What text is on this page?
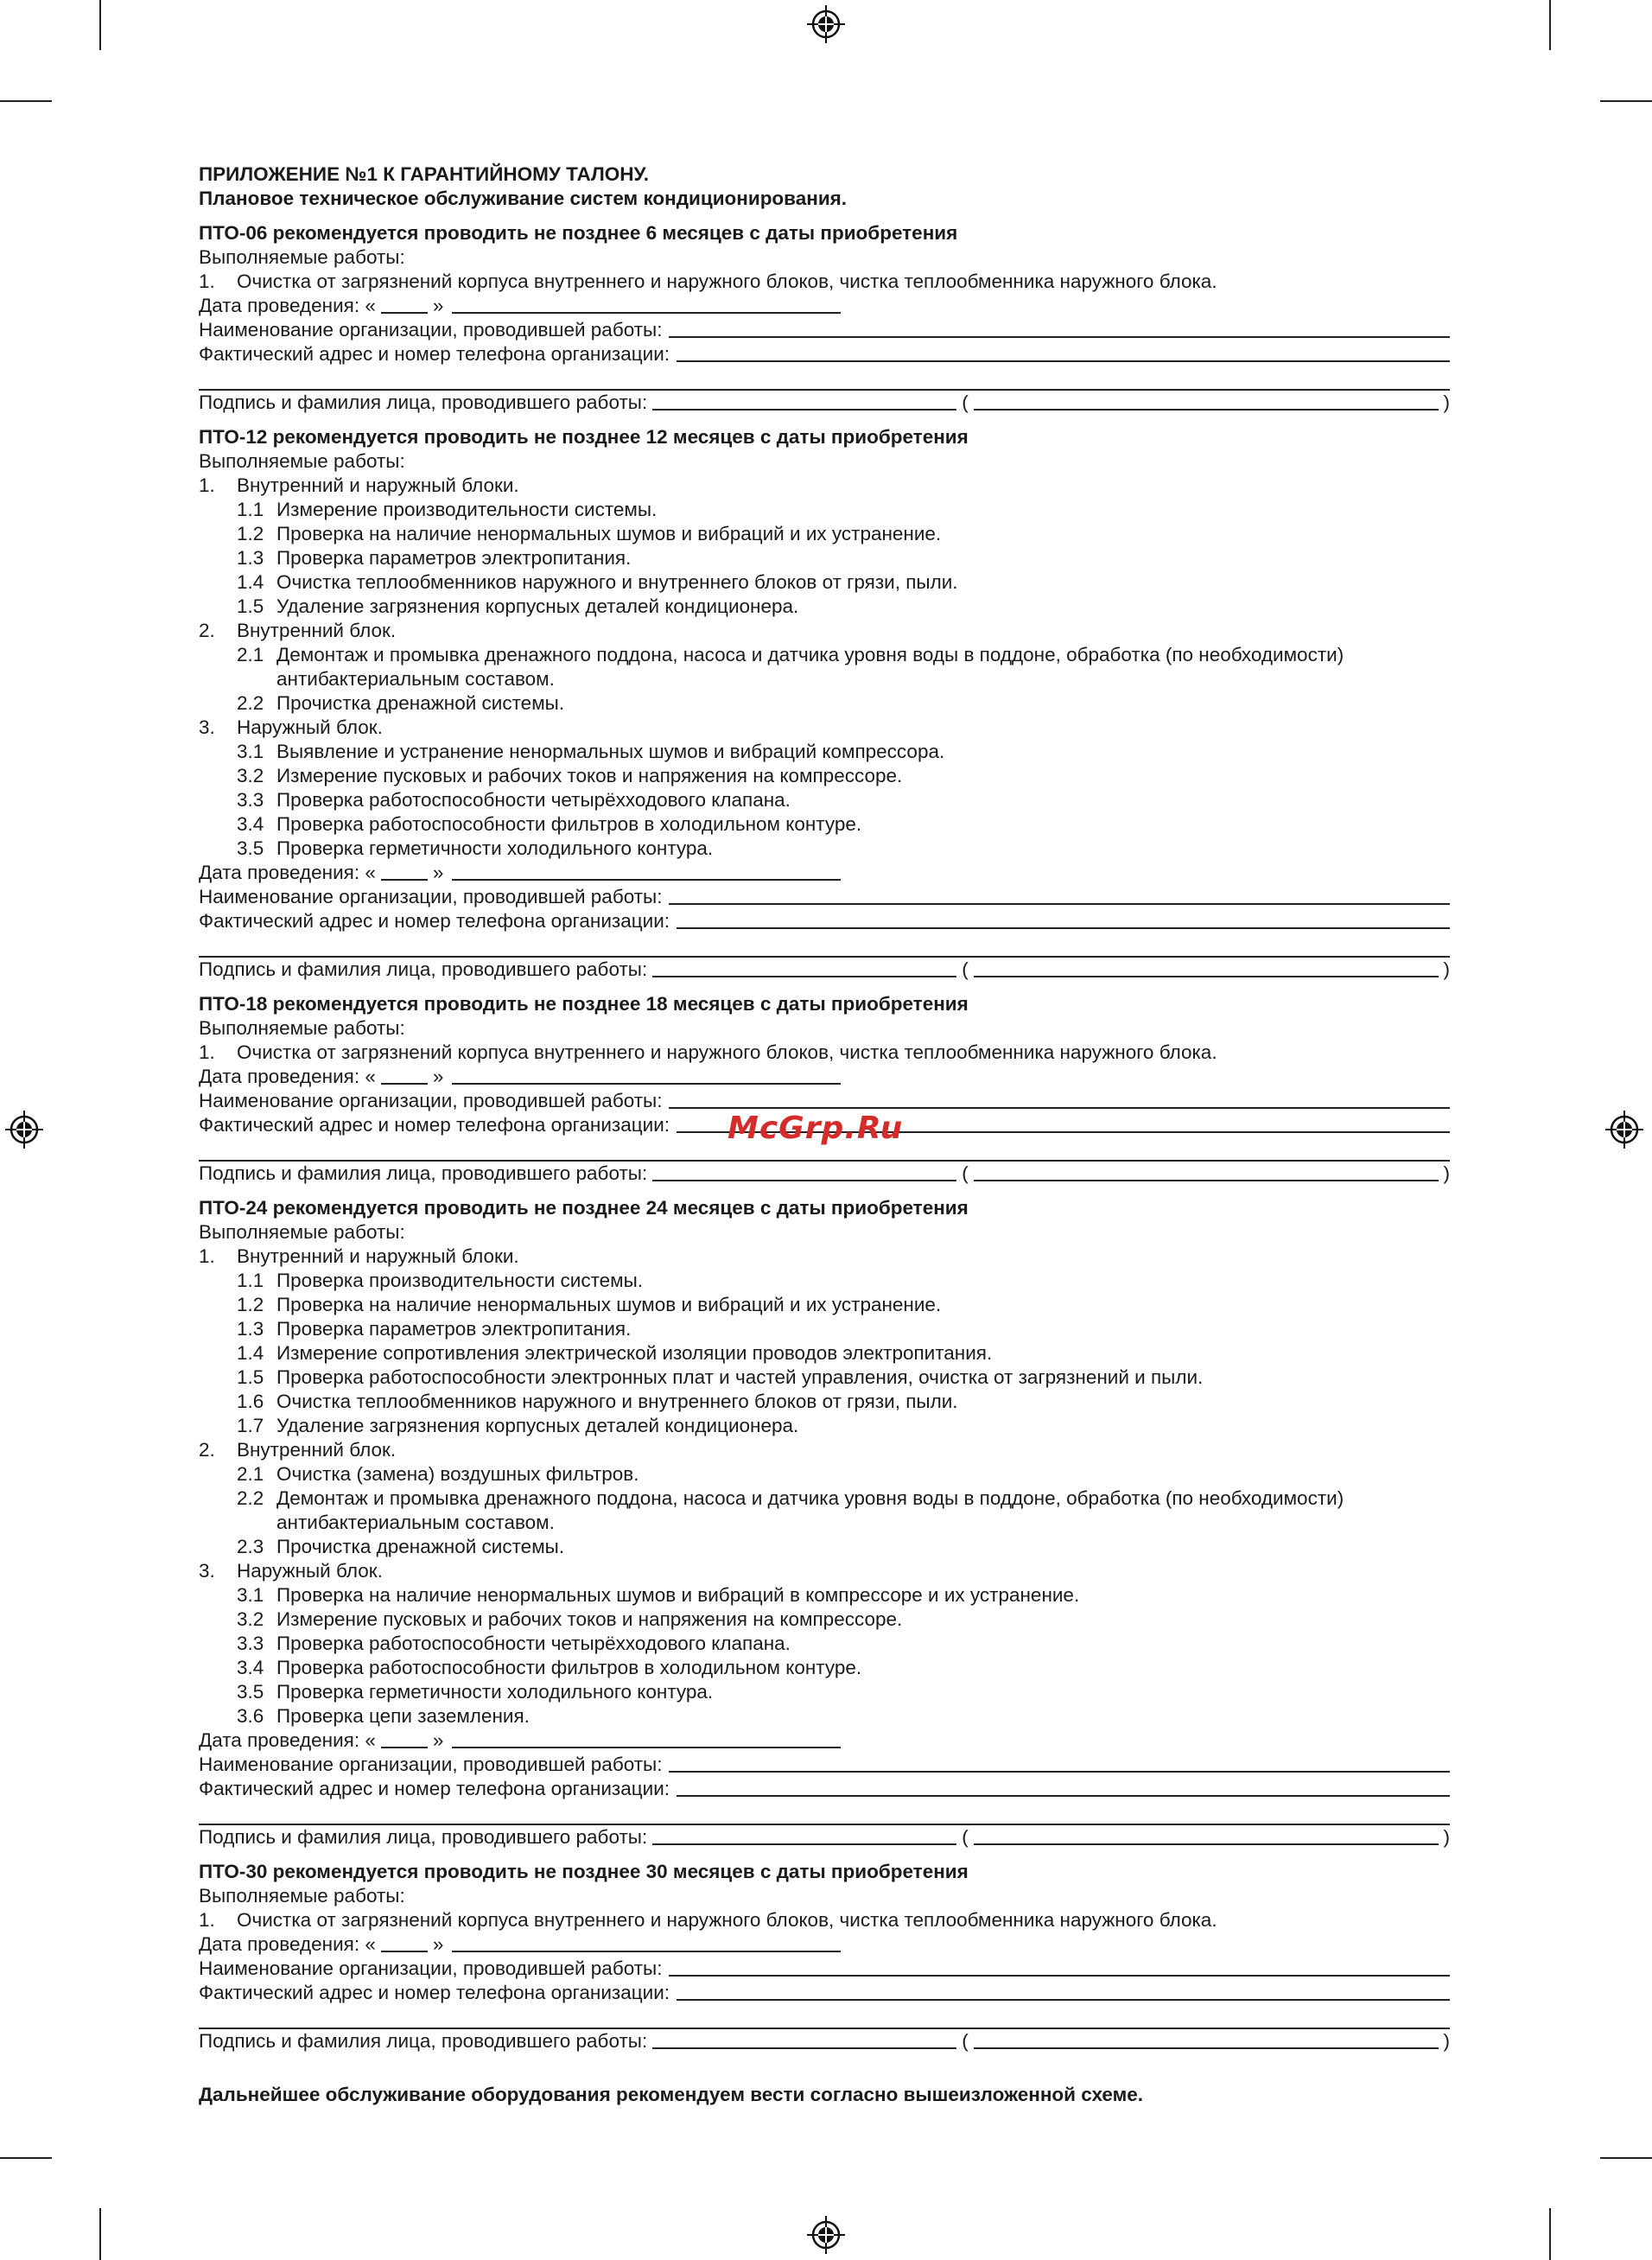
ПРИЛОЖЕНИЕ №1 К ГАРАНТИЙНОМУ ТАЛОНУ.
Плановое техническое обслуживание систем кондиционирования.
ПТО-06 рекомендуется проводить не позднее 6 месяцев с даты приобретения
Выполняемые работы:
1.	Очистка от загрязнений корпуса внутреннего и наружного блоков, чистка теплообменника наружного блока.
Дата проведения: «	»
Наименование организации, проводившей работы:
Фактический адрес и номер телефона организации:
Подпись и фамилия лица, проводившего работы:	(	)
ПТО-12 рекомендуется проводить не позднее 12 месяцев с даты приобретения
Выполняемые работы:
1.	Внутренний и наружный блоки.
1.1 Измерение производительности системы.
1.2 Проверка на наличие ненормальных шумов и вибраций и их устранение.
1.3 Проверка параметров электропитания.
1.4 Очистка теплообменников наружного и внутреннего блоков от грязи, пыли.
1.5 Удаление загрязнения корпусных деталей кондиционера.
2.	Внутренний блок.
2.1 Демонтаж и промывка дренажного поддона, насоса и датчика уровня воды в поддоне, обработка (по необходимости) антибактериальным составом.
2.2 Прочистка дренажной системы.
3.	Наружный блок.
3.1 Выявление и устранение ненормальных шумов и вибраций компрессора.
3.2 Измерение пусковых и рабочих токов и напряжения на компрессоре.
3.3 Проверка работоспособности четырёхходового клапана.
3.4 Проверка работоспособности фильтров в холодильном контуре.
3.5 Проверка герметичности холодильного контура.
Дата проведения: «	»
Наименование организации, проводившей работы:
Фактический адрес и номер телефона организации:
Подпись и фамилия лица, проводившего работы:	(	)
ПТО-18 рекомендуется проводить не позднее 18 месяцев с даты приобретения
Выполняемые работы:
1.	Очистка от загрязнений корпуса внутреннего и наружного блоков, чистка теплообменника наружного блока.
Дата проведения: «	»
Наименование организации, проводившей работы:
Фактический адрес и номер телефона организации:
Подпись и фамилия лица, проводившего работы:	(	)
ПТО-24 рекомендуется проводить не позднее 24 месяцев с даты приобретения
Выполняемые работы:
1.	Внутренний и наружный блоки.
1.1 Проверка производительности системы.
1.2 Проверка на наличие ненормальных шумов и вибраций и их устранение.
1.3 Проверка параметров электропитания.
1.4 Измерение сопротивления электрической изоляции проводов электропитания.
1.5 Проверка работоспособности электронных плат и частей управления, очистка от загрязнений и пыли.
1.6 Очистка теплообменников наружного и внутреннего блоков от грязи, пыли.
1.7 Удаление загрязнения корпусных деталей кондиционера.
2.	Внутренний блок.
2.1 Очистка (замена) воздушных фильтров.
2.2 Демонтаж и промывка дренажного поддона, насоса и датчика уровня воды в поддоне, обработка (по необходимости) антибактериальным составом.
2.3 Прочистка дренажной системы.
3.	Наружный блок.
3.1 Проверка на наличие ненормальных шумов и вибраций в компрессоре и их устранение.
3.2 Измерение пусковых и рабочих токов и напряжения на компрессоре.
3.3 Проверка работоспособности четырёхходового клапана.
3.4 Проверка работоспособности фильтров в холодильном контуре.
3.5 Проверка герметичности холодильного контура.
3.6 Проверка цепи заземления.
Дата проведения: «	»
Наименование организации, проводившей работы:
Фактический адрес и номер телефона организации:
Подпись и фамилия лица, проводившего работы:	(	)
ПТО-30 рекомендуется проводить не позднее 30 месяцев с даты приобретения
Выполняемые работы:
1.	Очистка от загрязнений корпуса внутреннего и наружного блоков, чистка теплообменника наружного блока.
Дата проведения: «	»
Наименование организации, проводившей работы:
Фактический адрес и номер телефона организации:
Подпись и фамилия лица, проводившего работы:	(	)
Дальнейшее обслуживание оборудования рекомендуем вести согласно вышеизложенной схеме.
McGrp.Ru
